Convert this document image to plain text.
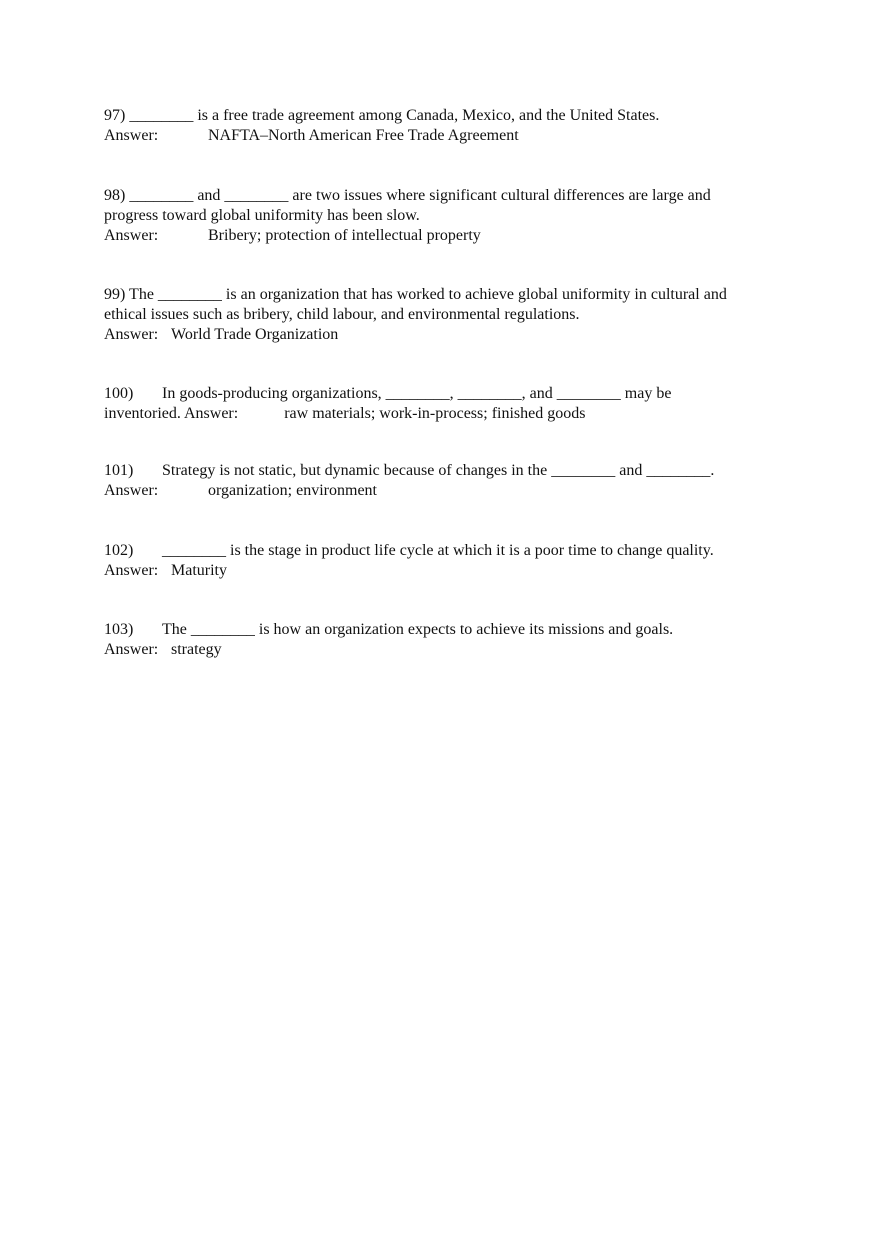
97) ________ is a free trade agreement among Canada, Mexico, and the United States.
Answer:	NAFTA–North American Free Trade Agreement
98) ________ and ________ are two issues where significant cultural differences are large and
progress toward global uniformity has been slow.
Answer:	Bribery; protection of intellectual property
99) The ________ is an organization that has worked to achieve global uniformity in cultural and
ethical issues such as bribery, child labour, and environmental regulations.
Answer: World Trade Organization
100) In goods-producing organizations, ________, ________, and ________ may be
inventoried. Answer:	raw materials; work-in-process; finished goods
101) Strategy is not static, but dynamic because of changes in the ________ and ________.
Answer:	organization; environment
102) ________ is the stage in product life cycle at which it is a poor time to change quality.
Answer: Maturity
103) The ________ is how an organization expects to achieve its missions and goals.
Answer: strategy
